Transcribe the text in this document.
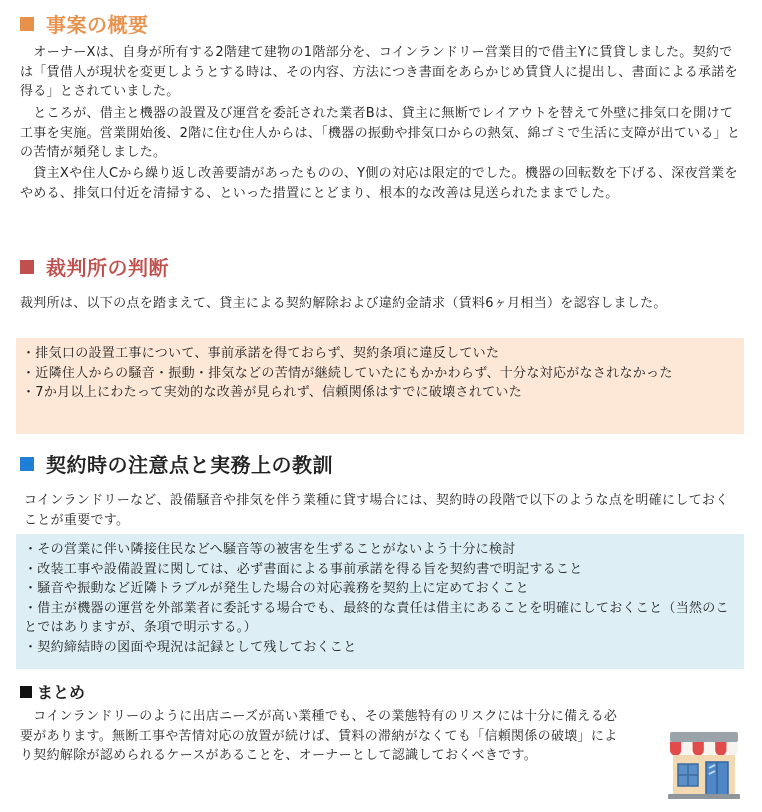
事案の概要

　オーナーXは、自身が所有する2階建て建物の1階部分を、コインランドリー営業目的で借主Yに賃貸しました。契約では「賃借人が現状を変更しようとする時は、その内容、方法につき書面をあらかじめ賃貸人に提出し、書面による承諾を得る」とされていました。

　ところが、借主と機器の設置及び運営を委託された業者Bは、貸主に無断でレイアウトを替えて外壁に排気口を開けて工事を実施。営業開始後、2階に住む住人からは、「機器の振動や排気口からの熱気、綿ゴミで生活に支障が出ている」との苦情が頻発しました。

　貸主Xや住人Cから繰り返し改善要請があったものの、Y側の対応は限定的でした。機器の回転数を下げる、深夜営業をやめる、排気口付近を清掃する、といった措置にとどまり、根本的な改善は見送られたままでした。

裁判所の判断

裁判所は、以下の点を踏まえて、貸主による契約解除および違約金請求（賃料6ヶ月相当）を認容しました。

・排気口の設置工事について、事前承諾を得ておらず、契約条項に違反していた
・近隣住人からの騒音・振動・排気などの苦情が継続していたにもかかわらず、十分な対応がなされなかった
・7か月以上にわたって実効的な改善が見られず、信頼関係はすでに破壊されていた
契約時の注意点と実務上の教訓

コインランドリーなど、設備騒音や排気を伴う業種に貸す場合には、契約時の段階で以下のような点を明確にしておくことが重要です。

・その営業に伴い隣接住民などへ騒音等の被害を生ずることがないよう十分に検討
・改装工事や設備設置に関しては、必ず書面による事前承諾を得る旨を契約書で明記すること
・騒音や振動など近隣トラブルが発生した場合の対応義務を契約上に定めておくこと
・借主が機器の運営を外部業者に委託する場合でも、最終的な責任は借主にあることを明確にしておくこと（当然のことではありますが、条項で明示する。）
・契約締結時の図面や現況は記録として残しておくこと
まとめ

　コインランドリーのように出店ニーズが高い業種でも、その業態特有のリスクには十分に備える必要があります。無断工事や苦情対応の放置が続けば、賃料の滞納がなくても「信頼関係の破壊」により契約解除が認められるケースがあることを、オーナーとして認識しておくべきです。
